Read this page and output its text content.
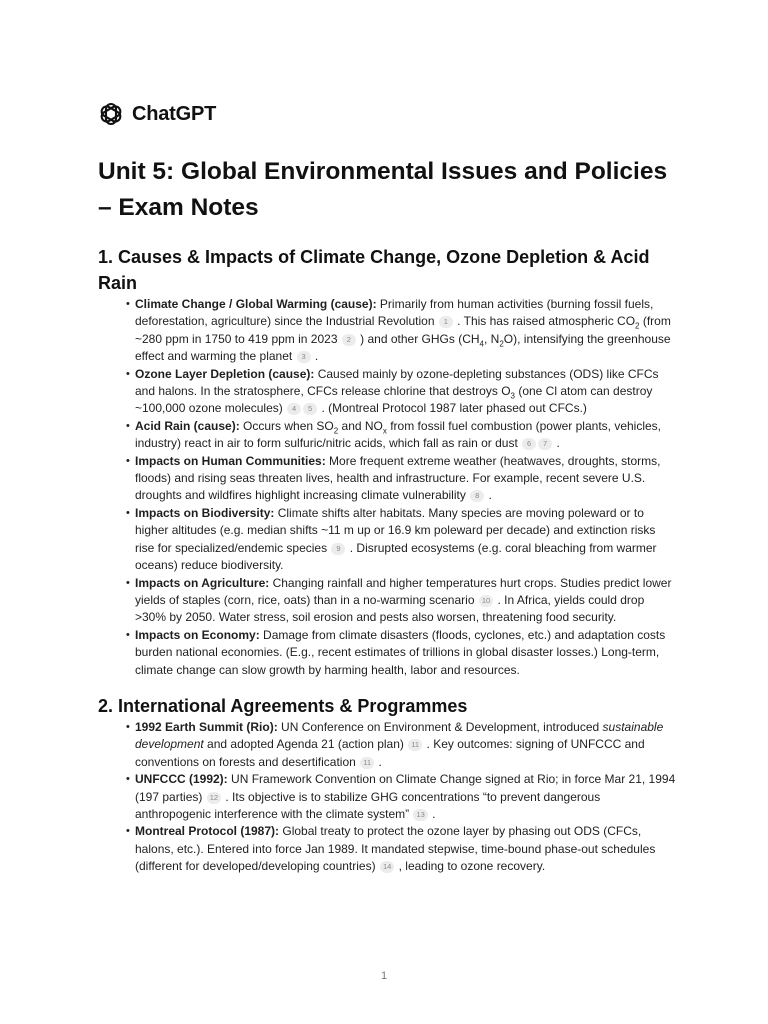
ChatGPT
Unit 5: Global Environmental Issues and Policies – Exam Notes
1. Causes & Impacts of Climate Change, Ozone Depletion & Acid Rain
• Climate Change / Global Warming (cause): Primarily from human activities (burning fossil fuels, deforestation, agriculture) since the Industrial Revolution 1 . This has raised atmospheric $CO_2$ (from ~280 ppm in 1750 to 419 ppm in 2023 2 ) and other GHGs ($CH_4$, $N_2O$), intensifying the greenhouse effect and warming the planet 3 .
• Ozone Layer Depletion (cause): Caused mainly by ozone-depleting substances (ODS) like CFCs and halons. In the stratosphere, CFCs release chlorine that destroys $O_3$ (one Cl atom can destroy ~100,000 ozone molecules) 4 5 . (Montreal Protocol 1987 later phased out CFCs.)
• Acid Rain (cause): Occurs when $SO_2$ and $NO_x$ from fossil fuel combustion (power plants, vehicles, industry) react in air to form sulfuric/nitric acids, which fall as rain or dust 6 7 .
• Impacts on Human Communities: More frequent extreme weather (heatwaves, droughts, storms, floods) and rising seas threaten lives, health and infrastructure. For example, recent severe U.S. droughts and wildfires highlight increasing climate vulnerability 8 .
• Impacts on Biodiversity: Climate shifts alter habitats. Many species are moving poleward or to higher altitudes (e.g. median shifts ~11 m up or 16.9 km poleward per decade) and extinction risks rise for specialized/endemic species 9 . Disrupted ecosystems (e.g. coral bleaching from warmer oceans) reduce biodiversity.
• Impacts on Agriculture: Changing rainfall and higher temperatures hurt crops. Studies predict lower yields of staples (corn, rice, oats) than in a no-warming scenario 10 . In Africa, yields could drop >30% by 2050. Water stress, soil erosion and pests also worsen, threatening food security.
• Impacts on Economy: Damage from climate disasters (floods, cyclones, etc.) and adaptation costs burden national economies. (E.g., recent estimates of trillions in global disaster losses.) Long-term, climate change can slow growth by harming health, labor and resources.
2. International Agreements & Programmes
• 1992 Earth Summit (Rio): UN Conference on Environment & Development, introduced sustainable development and adopted Agenda 21 (action plan) 11 . Key outcomes: signing of UNFCCC and conventions on forests and desertification 11 .
• UNFCCC (1992): UN Framework Convention on Climate Change signed at Rio; in force Mar 21, 1994 (197 parties) 12 . Its objective is to stabilize GHG concentrations “to prevent dangerous anthropogenic interference with the climate system” 13 .
• Montreal Protocol (1987): Global treaty to protect the ozone layer by phasing out ODS (CFCs, halons, etc.). Entered into force Jan 1989. It mandated stepwise, time-bound phase-out schedules (different for developed/developing countries) 14 , leading to ozone recovery.
1
